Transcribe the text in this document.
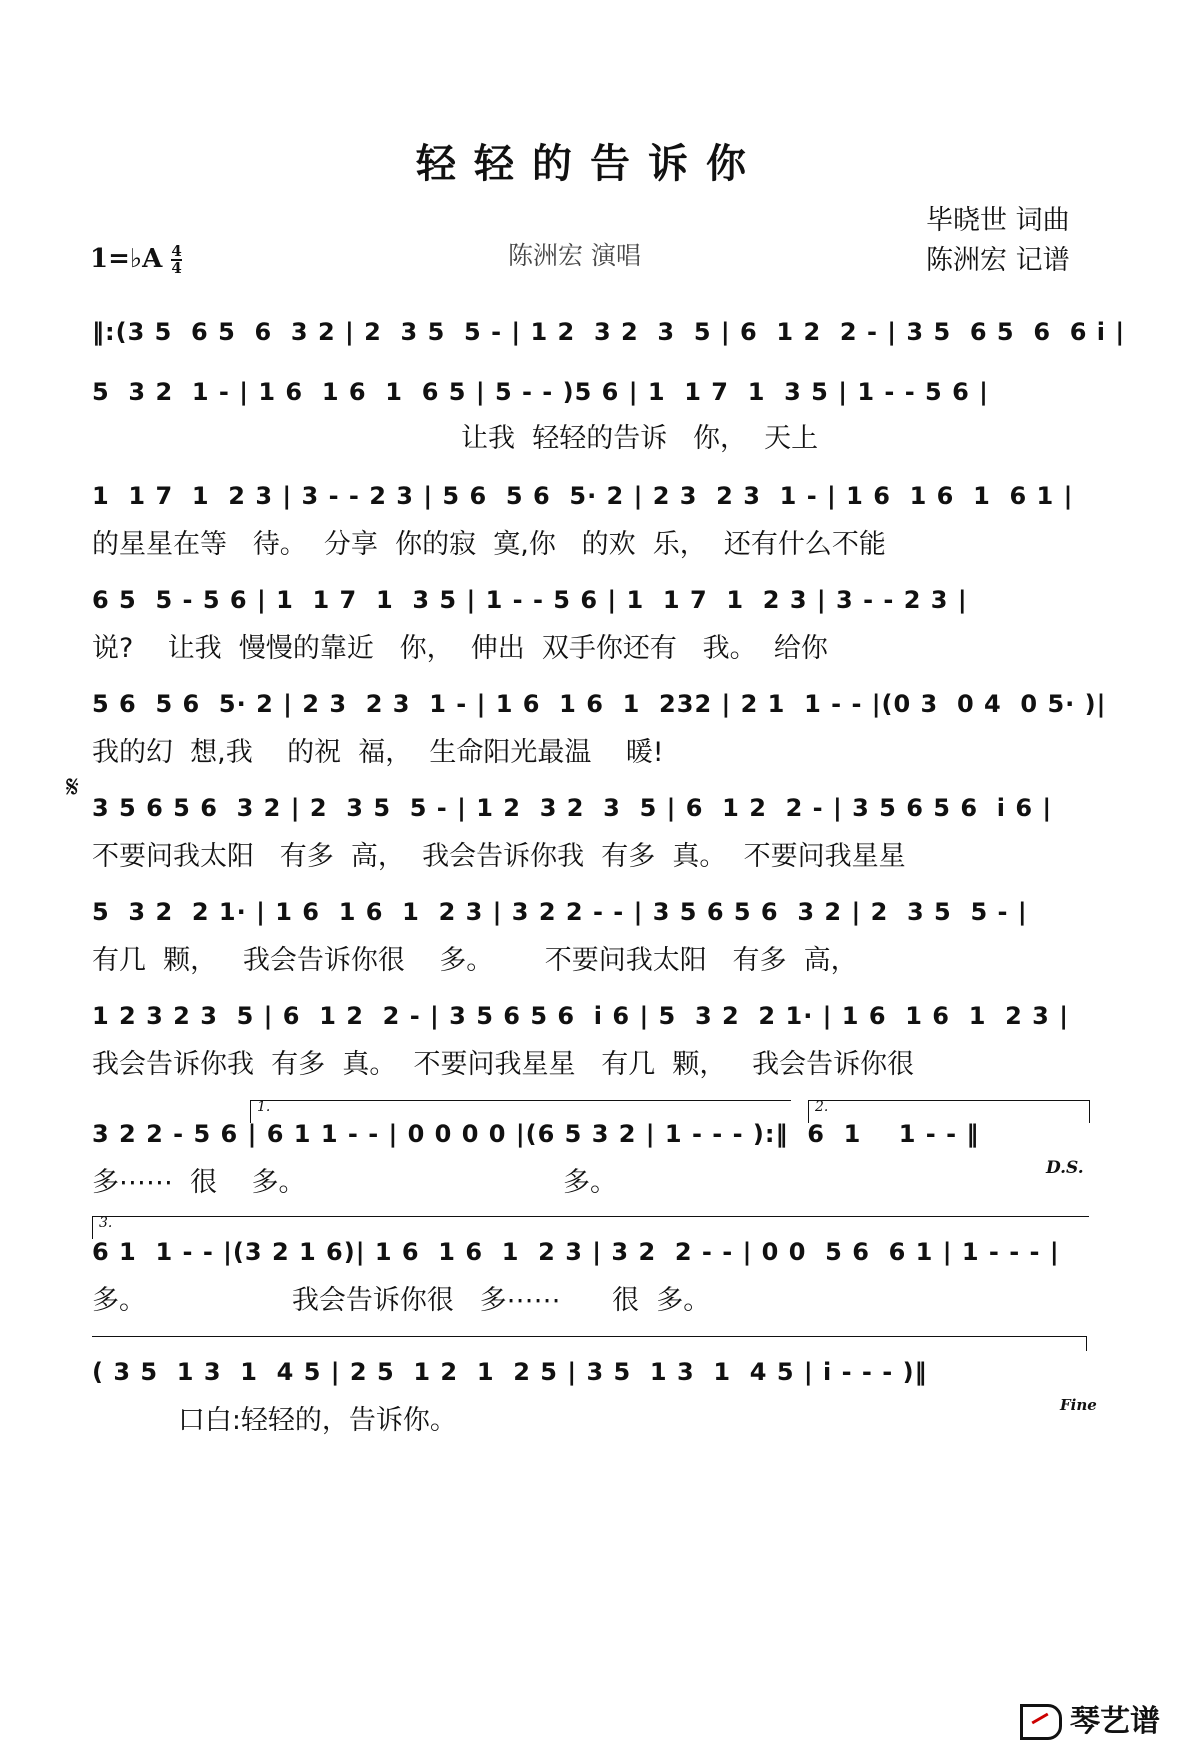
轻轻的告诉你
毕晓世 词曲
陈洲宏 记谱
陈洲宏 演唱
1=♭A $\frac{4}{4}$
‖:(3 5  6 5  6  3 2 | 2  3 5  5 - | 1 2  3 2  3  5 | 6  1 2  2 - | 3 5  6 5  6  6 i |
5  3 2  1 - | 1 6  1 6  1  6 5 | 5 - - )5 6 | 1  1 7  1  3 5 | 1 - - 5 6 |
让我  轻轻的告诉   你，  天上
1  1 7  1  2 3 | 3 - - 2 3 | 5 6  5 6  5· 2 | 2 3  2 3  1 - | 1 6  1 6  1  6 1 |
的星星在等   待。  分享  你的寂  寞,你   的欢  乐，  还有什么不能
6 5  5 - 5 6 | 1  1 7  1  3 5 | 1 - - 5 6 | 1  1 7  1  2 3 | 3 - - 2 3 |
说?    让我  慢慢的靠近   你，  伸出  双手你还有   我。  给你
5 6  5 6  5· 2 | 2 3  2 3  1 - | 1 6  1 6  1  232 | 2 1  1 - - |(0 3  0 4  0 5· )|
我的幻  想,我    的祝  福，  生命阳光最温    暖!
𝄋
3 5 6 5 6  3 2 | 2  3 5  5 - | 1 2  3 2  3  5 | 6  1 2  2 - | 3 5 6 5 6  i 6 |
不要问我太阳   有多  高，  我会告诉你我  有多  真。  不要问我星星
5  3 2  2 1· | 1 6  1 6  1  2 3 | 3 2 2 - - | 3 5 6 5 6  3 2 | 2  3 5  5 - |
有几  颗，   我会告诉你很    多。      不要问我太阳   有多  高，
1 2 3 2 3  5 | 6  1 2  2 - | 3 5 6 5 6  i 6 | 5  3 2  2 1· | 1 6  1 6  1  2 3 |
我会告诉你我  有多  真。  不要问我星星   有几  颗，   我会告诉你很
1.	2.
3 2 2 - 5 6 | 6 1 1 - - | 0 0 0 0 |(6 5 3 2 | 1 - - - ):‖  6  1    1 - - ‖
多⋯⋯  很    多。                              多。	D.S.
3.
6 1  1 - - |(3 2 1 6)| 1 6  1 6  1  2 3 | 3 2  2 - - | 0 0  5 6  6 1 | 1 - - - |
多。                 我会告诉你很   多⋯⋯      很  多。
( 3 5  1 3  1  4 5 | 2 5  1 2  1  2 5 | 3 5  1 3  1  4 5 | i - - - )‖
口白:轻轻的，告诉你。	Fine
琴艺谱
